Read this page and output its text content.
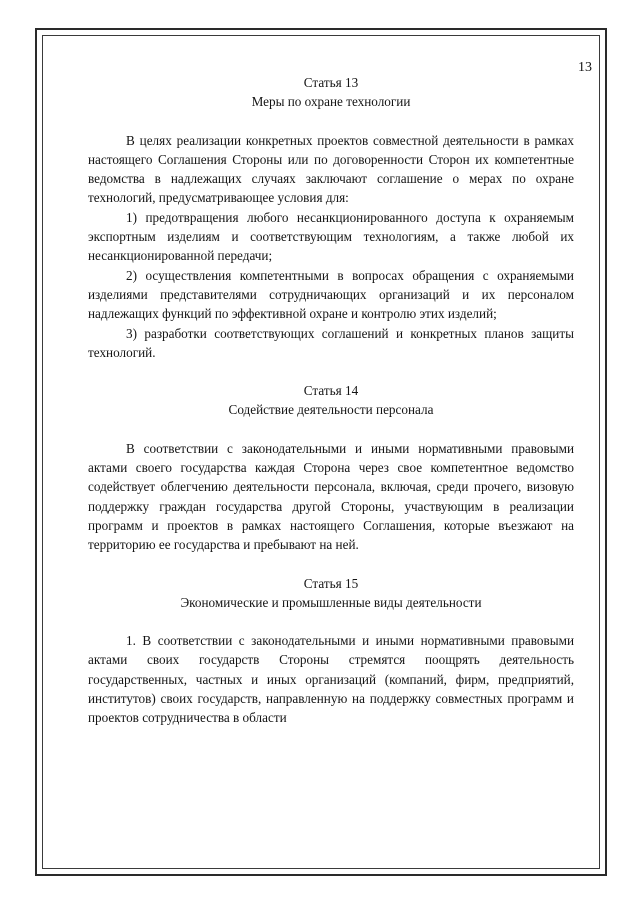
13
Статья 13
Меры по охране технологии

В целях реализации конкретных проектов совместной деятельности в рамках настоящего Соглашения Стороны или по договоренности Сторон их компетентные ведомства в надлежащих случаях заключают соглашение о мерах по охране технологий, предусматривающее условия для:

1) предотвращения любого несанкционированного доступа к охраняемым экспортным изделиям и соответствующим технологиям, а также любой их несанкционированной передачи;

2) осуществления компетентными в вопросах обращения с охраняемыми изделиями представителями сотрудничающих организаций и их персоналом надлежащих функций по эффективной охране и контролю этих изделий;

3) разработки соответствующих соглашений и конкретных планов защиты технологий.

Статья 14
Содействие деятельности персонала

В соответствии с законодательными и иными нормативными правовыми актами своего государства каждая Сторона через свое компетентное ведомство содействует облегчению деятельности персонала, включая, среди прочего, визовую поддержку граждан государства другой Стороны, участвующим в реализации программ и проектов в рамках настоящего Соглашения, которые въезжают на территорию ее государства и пребывают на ней.

Статья 15
Экономические и промышленные виды деятельности

1. В соответствии с законодательными и иными нормативными правовыми актами своих государств Стороны стремятся поощрять деятельность государственных, частных и иных организаций (компаний, фирм, предприятий, институтов) своих государств, направленную на поддержку совместных программ и проектов сотрудничества в области
